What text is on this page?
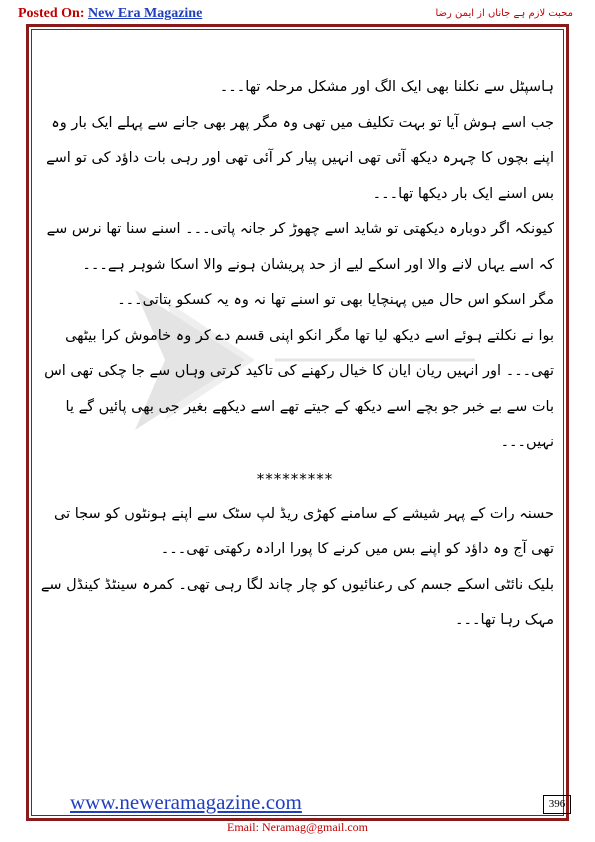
Posted On: New Era Magazine	محبت لازم ہے جاناں از ایمن رضا

ہاسپٹل سے نکلنا بھی ایک الگ اور مشکل مرحلہ تھا۔۔۔

جب اسے ہوش آیا تو بہت تکلیف میں تھی وہ مگر پھر بھی جانے سے پہلے ایک بار وہ اپنے بچوں کا چہرہ دیکھ آئی تھی انہیں پیار کر آئی تھی اور رہی بات داؤد کی تو اسے بس اسنے ایک بار دیکھا تھا۔۔۔

کیونکہ اگر دوبارہ دیکھتی تو شاید اسے چھوڑ کر جانہ پاتی۔۔۔ اسنے سنا تھا نرس سے کہ اسے یہاں لانے والا اور اسکے لیے از حد پریشان ہونے والا اسکا شوہر ہے۔۔۔

مگر اسکو اس حال میں پہنچایا بھی تو اسنے تھا نہ وہ یہ کسکو بتاتی۔۔۔

بوا نے نکلتے ہوئے اسے دیکھ لیا تھا مگر انکو اپنی قسم دے کر وہ خاموش کرا بیٹھی تھی۔۔۔ اور انہیں ریان ایان کا خیال رکھنے کی تاکید کرتی وہاں سے جا چکی تھی اس بات سے بے خبر جو بچے اسے دیکھ کے جیتے تھے اسے دیکھے بغیر جی بھی پائیں گے یا نہیں۔۔۔

*********

حسنہ رات کے پہر شیشے کے سامنے کھڑی ریڈ لپ سٹک سے اپنے ہونٹوں کو سجا تی تھی آج وہ داؤد کو اپنے بس میں کرنے کا پورا ارادہ رکھتی تھی۔۔۔

بلیک نائٹی اسکے جسم کی رعنائیوں کو چار چاند لگا رہی تھی۔ کمرہ سینٹڈ کینڈل سے مہک رہا تھا۔۔۔

www.neweramagazine.com	396
Email: Neramag@gmail.com
